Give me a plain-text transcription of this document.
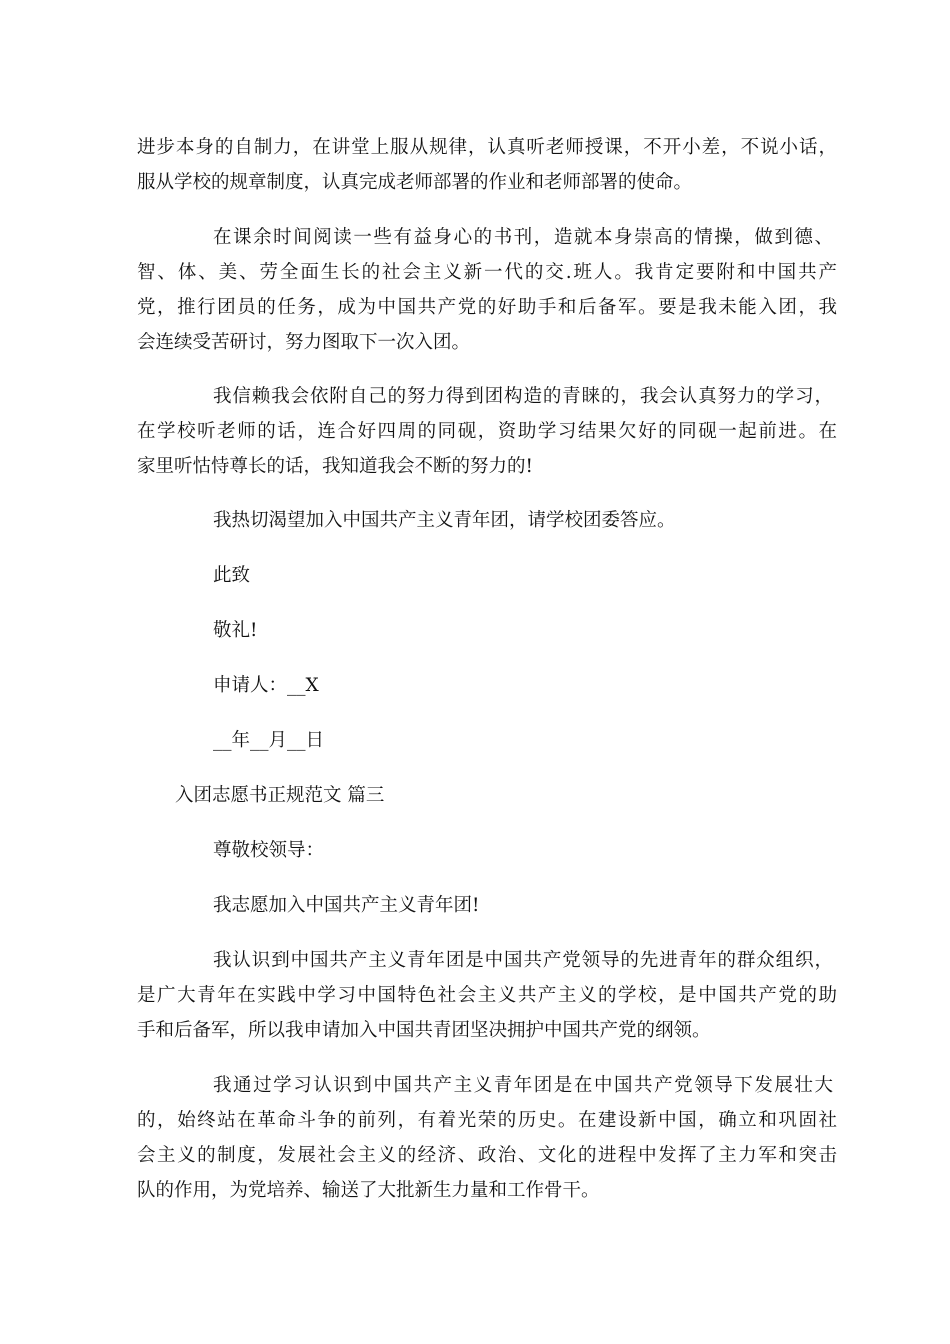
进步本身的自制力，在讲堂上服从规律，认真听老师授课，不开小差，不说小话，
服从学校的规章制度，认真完成老师部署的作业和老师部署的使命。
在课余时间阅读一些有益身心的书刊，造就本身崇高的情操，做到德、
智、体、美、劳全面生长的社会主义新一代的交.班人。我肯定要附和中国共产
党，推行团员的任务，成为中国共产党的好助手和后备军。要是我未能入团，我
会连续受苦研讨，努力图取下一次入团。
我信赖我会依附自己的努力得到团构造的青睐的，我会认真努力的学习，
在学校听老师的话，连合好四周的同砚，资助学习结果欠好的同砚一起前进。在
家里听怙恃尊长的话，我知道我会不断的努力的!
我热切渴望加入中国共产主义青年团，请学校团委答应。
此致
敬礼!
申请人：__X
__年__月__日
入团志愿书正规范文 篇三
尊敬校领导：
我志愿加入中国共产主义青年团!
我认识到中国共产主义青年团是中国共产党领导的先进青年的群众组织，
是广大青年在实践中学习中国特色社会主义共产主义的学校，是中国共产党的助
手和后备军，所以我申请加入中国共青团坚决拥护中国共产党的纲领。
我通过学习认识到中国共产主义青年团是在中国共产党领导下发展壮大
的，始终站在革命斗争的前列，有着光荣的历史。在建设新中国，确立和巩固社
会主义的制度，发展社会主义的经济、政治、文化的进程中发挥了主力军和突击
队的作用，为党培养、输送了大批新生力量和工作骨干。
